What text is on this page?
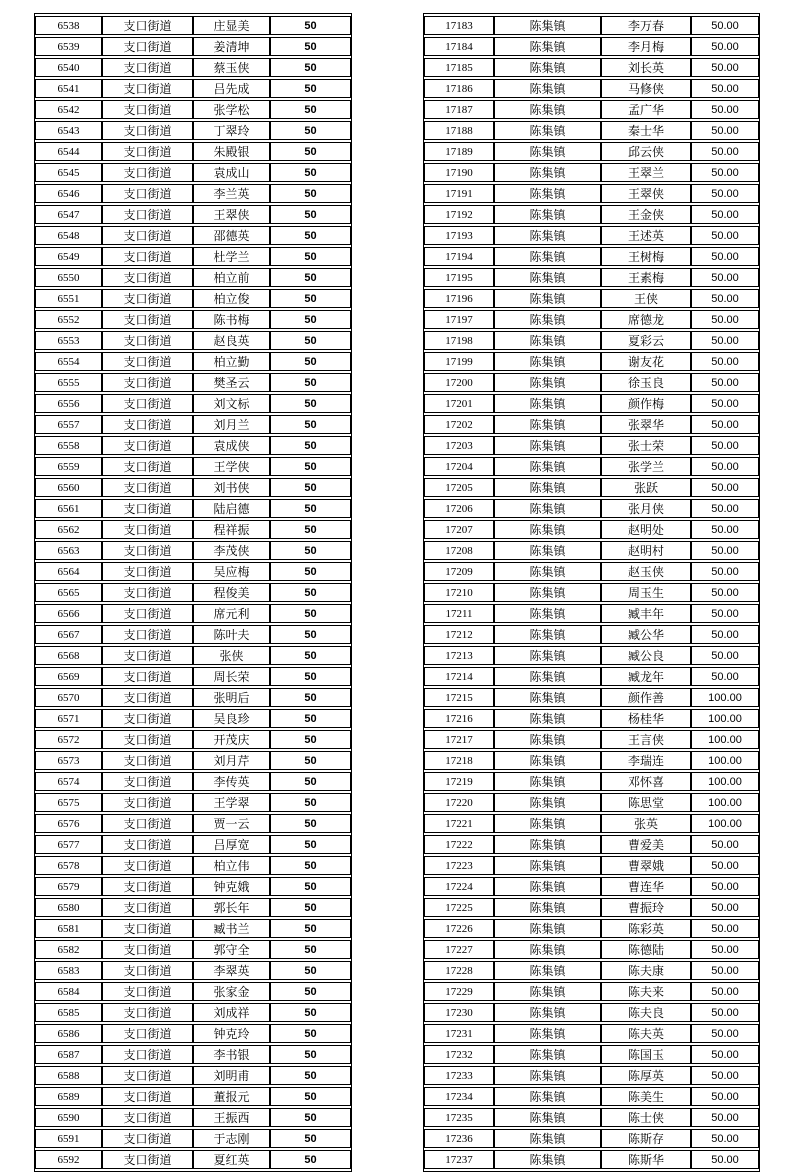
6538	支口街道	庄显美	50
6539	支口街道	姜清坤	50
6540	支口街道	蔡玉侠	50
6541	支口街道	吕先成	50
6542	支口街道	张学松	50
6543	支口街道	丁翠玲	50
6544	支口街道	朱殿银	50
6545	支口街道	袁成山	50
6546	支口街道	李兰英	50
6547	支口街道	王翠侠	50
6548	支口街道	邵德英	50
6549	支口街道	杜学兰	50
6550	支口街道	柏立前	50
6551	支口街道	柏立俊	50
6552	支口街道	陈书梅	50
6553	支口街道	赵良英	50
6554	支口街道	柏立勤	50
6555	支口街道	樊圣云	50
6556	支口街道	刘文标	50
6557	支口街道	刘月兰	50
6558	支口街道	袁成侠	50
6559	支口街道	王学侠	50
6560	支口街道	刘书侠	50
6561	支口街道	陆启德	50
6562	支口街道	程祥振	50
6563	支口街道	李茂侠	50
6564	支口街道	吴应梅	50
6565	支口街道	程俊美	50
6566	支口街道	席元利	50
6567	支口街道	陈叶夫	50
6568	支口街道	张侠	50
6569	支口街道	周长荣	50
6570	支口街道	张明后	50
6571	支口街道	吴良珍	50
6572	支口街道	开茂庆	50
6573	支口街道	刘月芹	50
6574	支口街道	李传英	50
6575	支口街道	王学翠	50
6576	支口街道	贾一云	50
6577	支口街道	吕厚宽	50
6578	支口街道	柏立伟	50
6579	支口街道	钟克娥	50
6580	支口街道	郭长年	50
6581	支口街道	臧书兰	50
6582	支口街道	郭守全	50
6583	支口街道	李翠英	50
6584	支口街道	张家金	50
6585	支口街道	刘成祥	50
6586	支口街道	钟克玲	50
6587	支口街道	李书银	50
6588	支口街道	刘明甫	50
6589	支口街道	董报元	50
6590	支口街道	王振西	50
6591	支口街道	于志刚	50
6592	支口街道	夏红英	50
17183	陈集镇	李万春	50.00
17184	陈集镇	李月梅	50.00
17185	陈集镇	刘长英	50.00
17186	陈集镇	马修侠	50.00
17187	陈集镇	孟广华	50.00
17188	陈集镇	秦士华	50.00
17189	陈集镇	邱云侠	50.00
17190	陈集镇	王翠兰	50.00
17191	陈集镇	王翠侠	50.00
17192	陈集镇	王金侠	50.00
17193	陈集镇	王述英	50.00
17194	陈集镇	王树梅	50.00
17195	陈集镇	王素梅	50.00
17196	陈集镇	王侠	50.00
17197	陈集镇	席德龙	50.00
17198	陈集镇	夏彩云	50.00
17199	陈集镇	谢友花	50.00
17200	陈集镇	徐玉良	50.00
17201	陈集镇	颜作梅	50.00
17202	陈集镇	张翠华	50.00
17203	陈集镇	张士荣	50.00
17204	陈集镇	张学兰	50.00
17205	陈集镇	张跃	50.00
17206	陈集镇	张月侠	50.00
17207	陈集镇	赵明处	50.00
17208	陈集镇	赵明村	50.00
17209	陈集镇	赵玉侠	50.00
17210	陈集镇	周玉生	50.00
17211	陈集镇	臧丰年	50.00
17212	陈集镇	臧公华	50.00
17213	陈集镇	臧公良	50.00
17214	陈集镇	臧龙年	50.00
17215	陈集镇	颜作善	100.00
17216	陈集镇	杨桂华	100.00
17217	陈集镇	王言侠	100.00
17218	陈集镇	李瑞连	100.00
17219	陈集镇	邓怀喜	100.00
17220	陈集镇	陈思堂	100.00
17221	陈集镇	张英	100.00
17222	陈集镇	曹爱美	50.00
17223	陈集镇	曹翠娥	50.00
17224	陈集镇	曹连华	50.00
17225	陈集镇	曹振玲	50.00
17226	陈集镇	陈彩英	50.00
17227	陈集镇	陈德陆	50.00
17228	陈集镇	陈夫康	50.00
17229	陈集镇	陈夫来	50.00
17230	陈集镇	陈夫良	50.00
17231	陈集镇	陈夫英	50.00
17232	陈集镇	陈国玉	50.00
17233	陈集镇	陈厚英	50.00
17234	陈集镇	陈美生	50.00
17235	陈集镇	陈士侠	50.00
17236	陈集镇	陈斯存	50.00
17237	陈集镇	陈斯华	50.00
